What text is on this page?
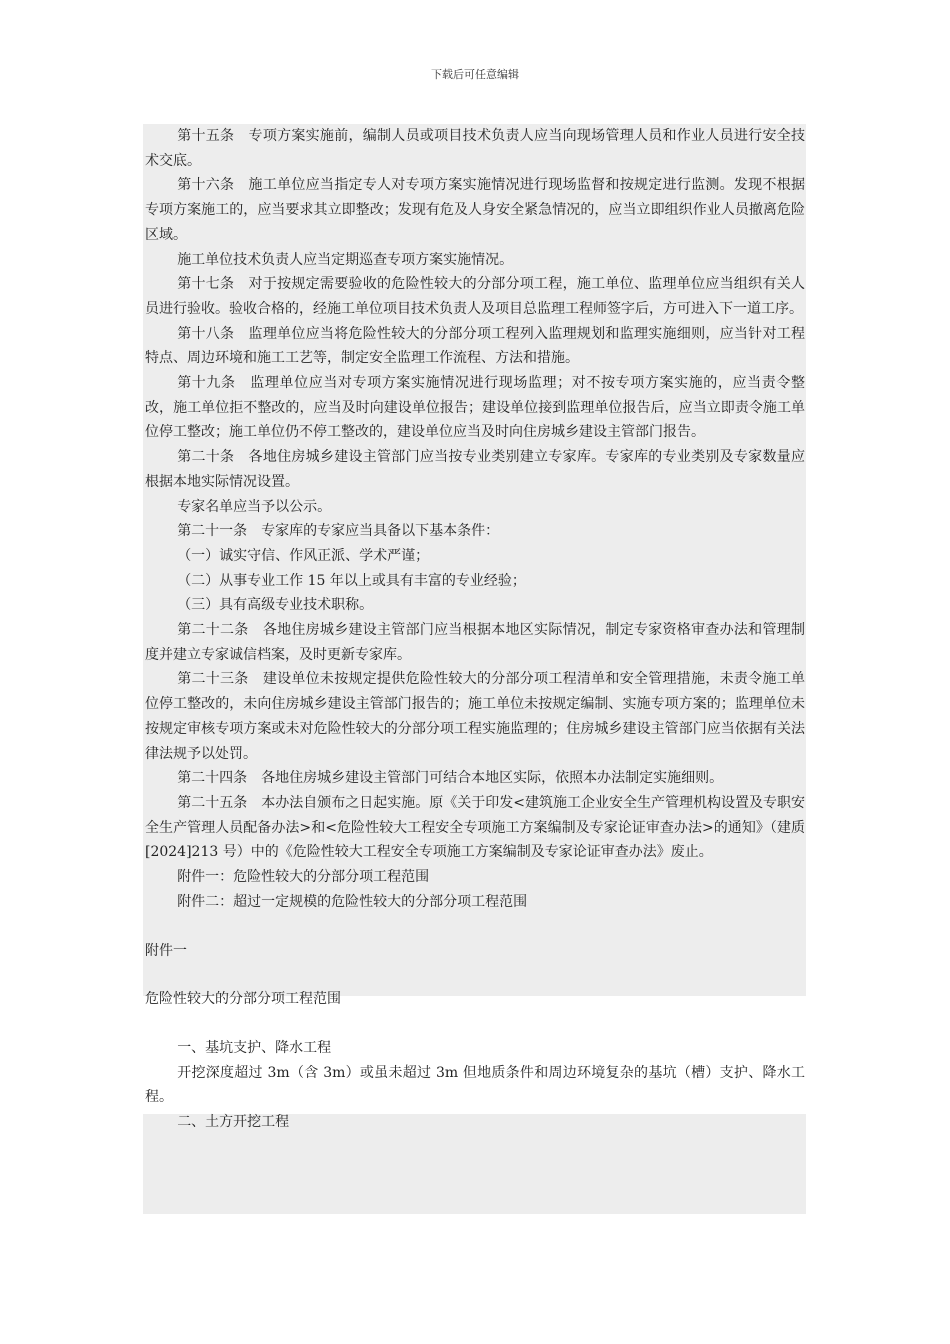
下载后可任意编辑

第十五条　专项方案实施前，编制人员或项目技术负责人应当向现场管理人员和作业人员进行安全技术交底。

第十六条　施工单位应当指定专人对专项方案实施情况进行现场监督和按规定进行监测。发现不根据专项方案施工的，应当要求其立即整改；发现有危及人身安全紧急情况的，应当立即组织作业人员撤离危险区域。

施工单位技术负责人应当定期巡查专项方案实施情况。

第十七条　对于按规定需要验收的危险性较大的分部分项工程，施工单位、监理单位应当组织有关人员进行验收。验收合格的，经施工单位项目技术负责人及项目总监理工程师签字后，方可进入下一道工序。

第十八条　监理单位应当将危险性较大的分部分项工程列入监理规划和监理实施细则，应当针对工程特点、周边环境和施工工艺等，制定安全监理工作流程、方法和措施。

第十九条　监理单位应当对专项方案实施情况进行现场监理；对不按专项方案实施的，应当责令整改，施工单位拒不整改的，应当及时向建设单位报告；建设单位接到监理单位报告后，应当立即责令施工单位停工整改；施工单位仍不停工整改的，建设单位应当及时向住房城乡建设主管部门报告。

第二十条　各地住房城乡建设主管部门应当按专业类别建立专家库。专家库的专业类别及专家数量应根据本地实际情况设置。

专家名单应当予以公示。

第二十一条　专家库的专家应当具备以下基本条件：

（一）诚实守信、作风正派、学术严谨；

（二）从事专业工作 15 年以上或具有丰富的专业经验；

（三）具有高级专业技术职称。

第二十二条　各地住房城乡建设主管部门应当根据本地区实际情况，制定专家资格审查办法和管理制度并建立专家诚信档案，及时更新专家库。

第二十三条　建设单位未按规定提供危险性较大的分部分项工程清单和安全管理措施，未责令施工单位停工整改的，未向住房城乡建设主管部门报告的；施工单位未按规定编制、实施专项方案的；监理单位未按规定审核专项方案或未对危险性较大的分部分项工程实施监理的；住房城乡建设主管部门应当依据有关法律法规予以处罚。

第二十四条　各地住房城乡建设主管部门可结合本地区实际，依照本办法制定实施细则。

第二十五条　本办法自颁布之日起实施。原《关于印发<建筑施工企业安全生产管理机构设置及专职安全生产管理人员配备办法>和<危险性较大工程安全专项施工方案编制及专家论证审查办法>的通知》（建质[2024]213 号）中的《危险性较大工程安全专项施工方案编制及专家论证审查办法》废止。

附件一：危险性较大的分部分项工程范围

附件二：超过一定规模的危险性较大的分部分项工程范围

附件一

危险性较大的分部分项工程范围

一、基坑支护、降水工程

开挖深度超过 3m（含 3m）或虽未超过 3m 但地质条件和周边环境复杂的基坑（槽）支护、降水工程。

二、土方开挖工程
